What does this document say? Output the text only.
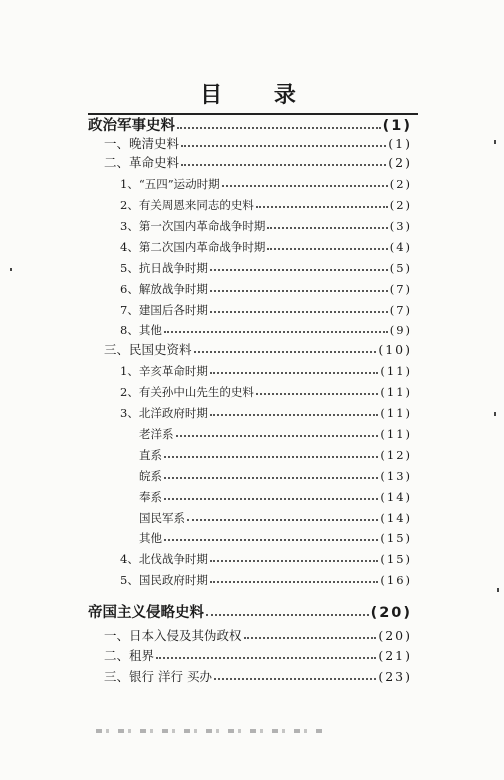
目 录
政治军事史料	(1)
一、晚清史料	(1)
二、革命史料	(2)
1、“五四”运动时期	(2)
2、有关周恩来同志的史料	(2)
3、第一次国内革命战争时期	(3)
4、第二次国内革命战争时期	(4)
5、抗日战争时期	(5)
6、解放战争时期	(7)
7、建国后各时期	(7)
8、其他	(9)
三、民国史资料	(10)
1、辛亥革命时期	(11)
2、有关孙中山先生的史料	(11)
3、北洋政府时期	(11)
老洋系	(11)
直系	(12)
皖系	(13)
奉系	(14)
国民军系	(14)
其他	(15)
4、北伐战争时期	(15)
5、国民政府时期	(16)
帝国主义侵略史料	(20)
一、日本入侵及其伪政权	(20)
二、租界	(21)
三、银行 洋行 买办	(23)
